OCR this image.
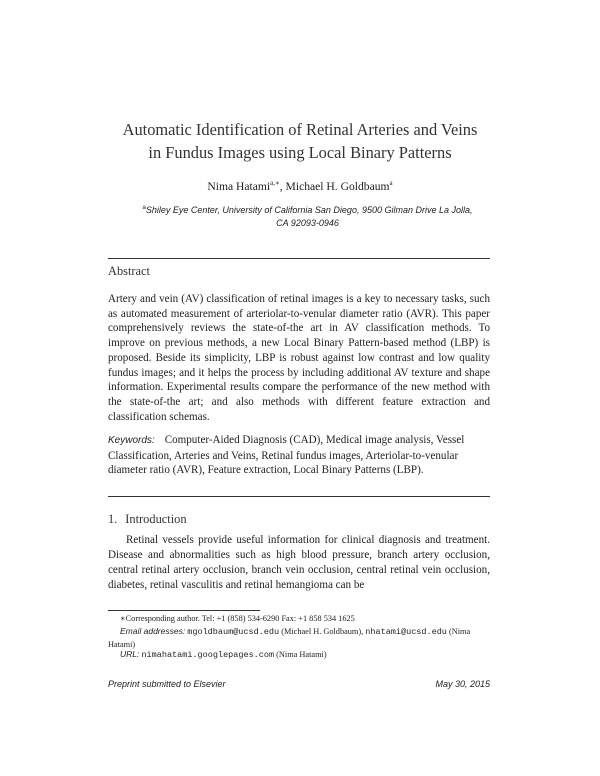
Automatic Identification of Retinal Arteries and Veins
in Fundus Images using Local Binary Patterns
Nima Hatami$^{a,∗}$, Michael H. Goldbaum$^a$
$^a$Shiley Eye Center, University of California San Diego, 9500 Gilman Drive La Jolla,
CA 92093-0946
Abstract
Artery and vein (AV) classification of retinal images is a key to necessary tasks, such as automated measurement of arteriolar-to-venular diameter ratio (AVR). This paper comprehensively reviews the state-of-the art in AV classification methods. To improve on previous methods, a new Local Binary Pattern-based method (LBP) is proposed. Beside its simplicity, LBP is robust against low contrast and low quality fundus images; and it helps the process by including additional AV texture and shape information. Experimental results compare the performance of the new method with the state-of-the art; and also methods with different feature extraction and classification schemas.
Keywords: Computer-Aided Diagnosis (CAD), Medical image analysis, Vessel Classification, Arteries and Veins, Retinal fundus images, Arteriolar-to-venular diameter ratio (AVR), Feature extraction, Local Binary Patterns (LBP).
1. Introduction
Retinal vessels provide useful information for clinical diagnosis and treatment. Disease and abnormalities such as high blood pressure, branch artery occlusion, central retinal artery occlusion, branch vein occlusion, central retinal vein occlusion, diabetes, retinal vasculitis and retinal hemangioma can be
∗Corresponding author. Tel: +1 (858) 534-6290 Fax: +1 858 534 1625
Email addresses: mgoldbaum@ucsd.edu (Michael H. Goldbaum), nhatami@ucsd.edu (Nima Hatami)
URL: nimahatami.googlepages.com (Nima Hatami)
Preprint submitted to Elsevier	May 30, 2015
